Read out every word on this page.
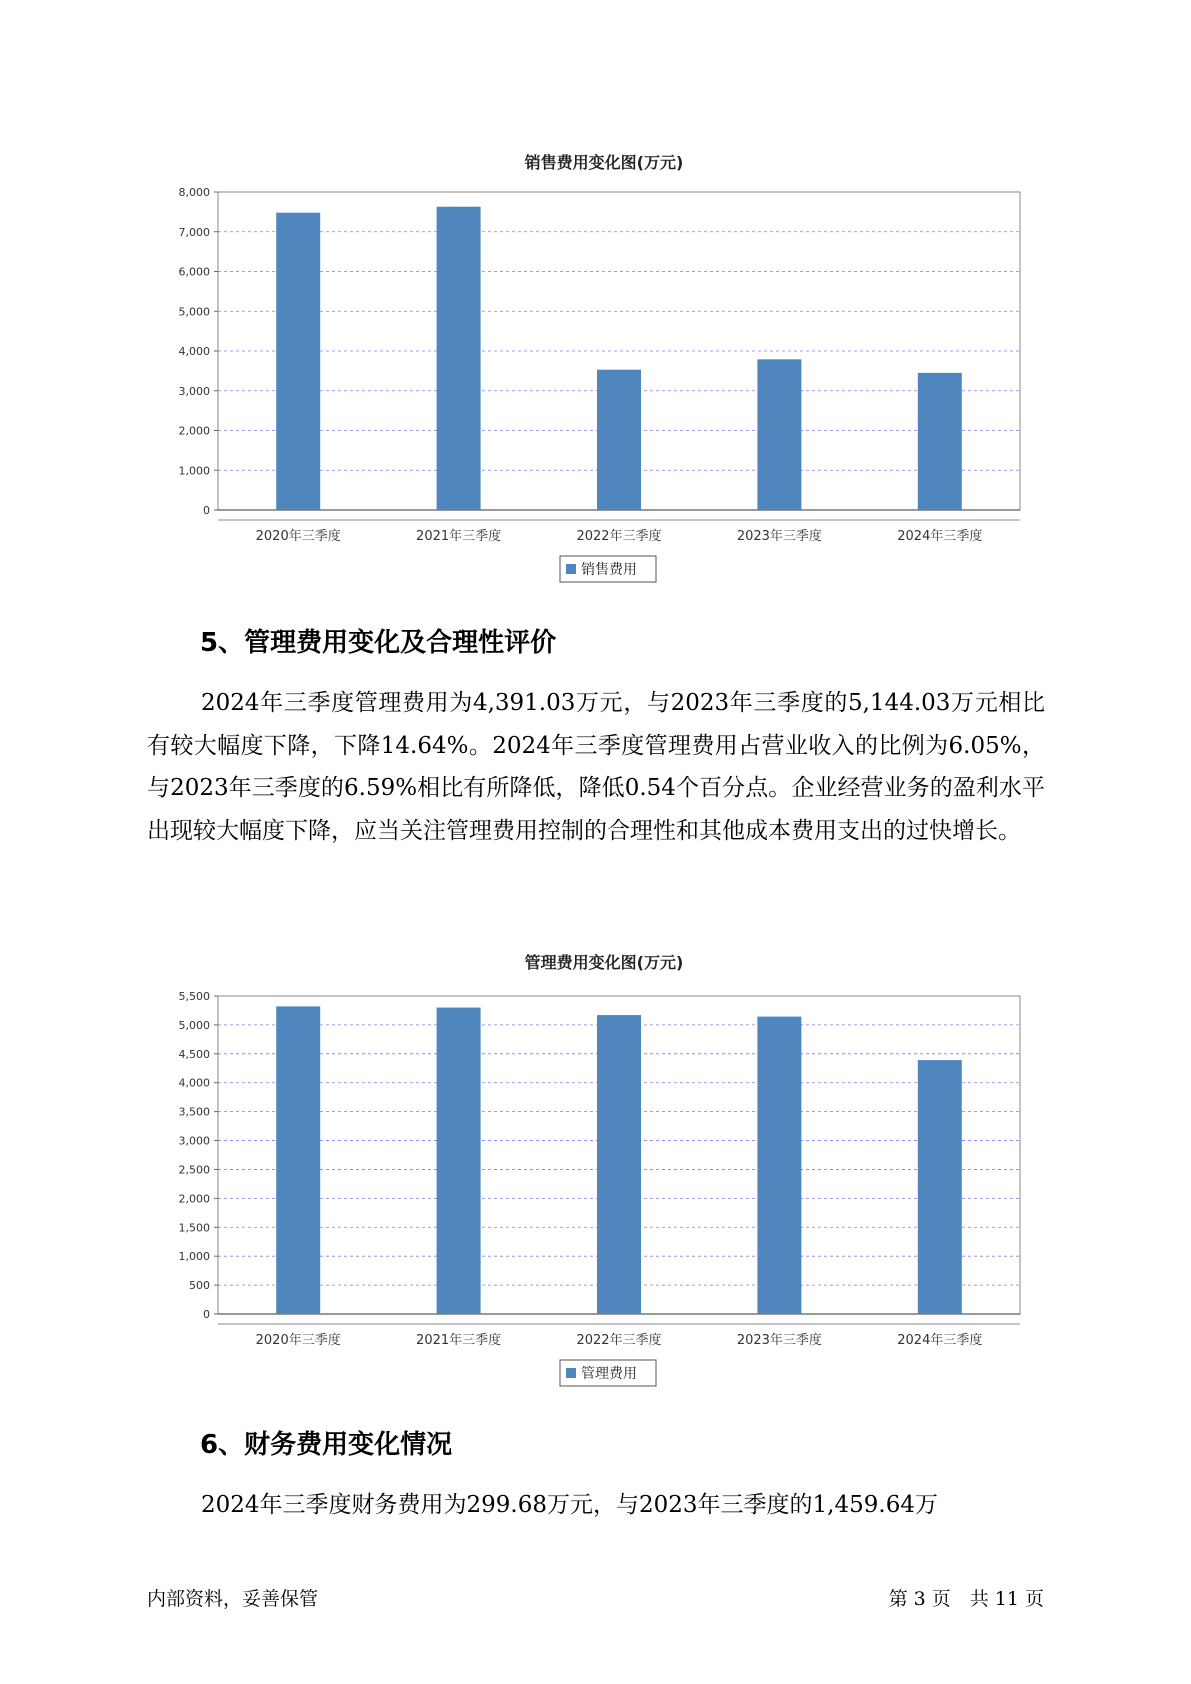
销售费用变化图(万元)
0
1,000
2,000
3,000
4,000
5,000
6,000
7,000
8,000
2020年三季度	2021年三季度	2022年三季度	2023年三季度	2024年三季度
销售费用
5、管理费用变化及合理性评价

2024年三季度管理费用为4,391.03万元，与2023年三季度的5,144.03万元相比有较大幅度下降，下降14.64%。2024年三季度管理费用占营业收入的比例为6.05%，与2023年三季度的6.59%相比有所降低，降低0.54个百分点。企业经营业务的盈利水平出现较大幅度下降，应当关注管理费用控制的合理性和其他成本费用支出的过快增长。

管理费用变化图(万元)
0
500
1,000
1,500
2,000
2,500
3,000
3,500
4,000
4,500
5,000
5,500
2020年三季度	2021年三季度	2022年三季度	2023年三季度	2024年三季度
管理费用
6、财务费用变化情况

2024年三季度财务费用为299.68万元，与2023年三季度的1,459.64万

内部资料，妥善保管	第 3 页　共 11 页
